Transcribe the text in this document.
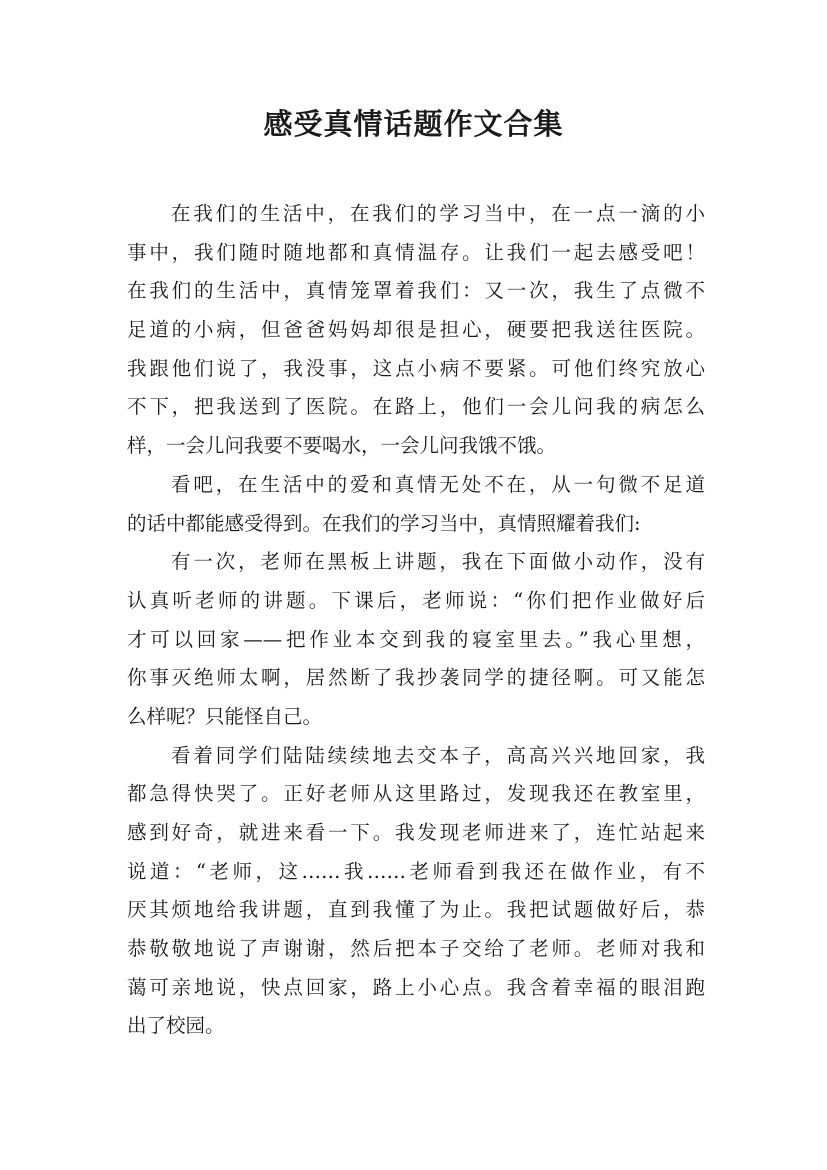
感受真情话题作文合集
在我们的生活中，在我们的学习当中，在一点一滴的小
事中，我们随时随地都和真情温存。让我们一起去感受吧！
在我们的生活中，真情笼罩着我们：又一次，我生了点微不
足道的小病，但爸爸妈妈却很是担心，硬要把我送往医院。
我跟他们说了，我没事，这点小病不要紧。可他们终究放心
不下，把我送到了医院。在路上，他们一会儿问我的病怎么
样，一会儿问我要不要喝水，一会儿问我饿不饿。
看吧，在生活中的爱和真情无处不在，从一句微不足道
的话中都能感受得到。在我们的学习当中，真情照耀着我们:
有一次，老师在黑板上讲题，我在下面做小动作，没有
认真听老师的讲题。下课后，老师说：“你们把作业做好后
才可以回家——把作业本交到我的寝室里去。”我心里想，
你事灭绝师太啊，居然断了我抄袭同学的捷径啊。可又能怎
么样呢？只能怪自己。
看着同学们陆陆续续地去交本子，高高兴兴地回家，我
都急得快哭了。正好老师从这里路过，发现我还在教室里，
感到好奇，就进来看一下。我发现老师进来了，连忙站起来
说道：“老师，这……我……老师看到我还在做作业，有不
厌其烦地给我讲题，直到我懂了为止。我把试题做好后，恭
恭敬敬地说了声谢谢，然后把本子交给了老师。老师对我和
蔼可亲地说，快点回家，路上小心点。我含着幸福的眼泪跑
出了校园。
